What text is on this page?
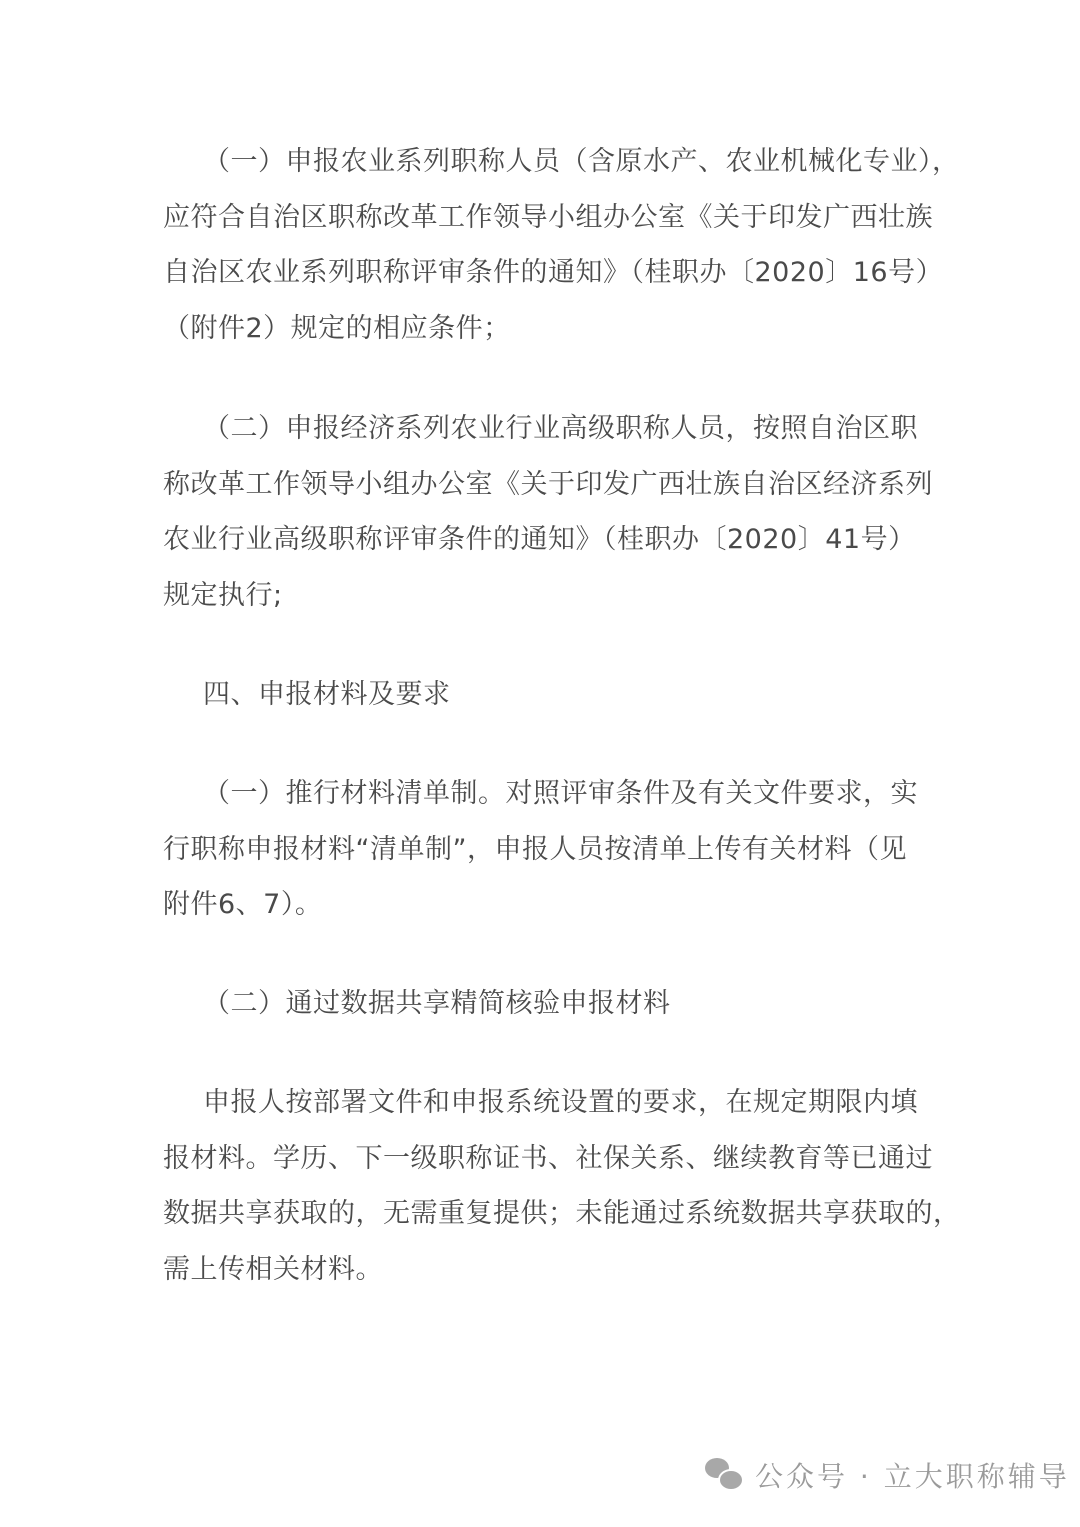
（一）申报农业系列职称人员（含原水产、农业机械化专业），
应符合自治区职称改革工作领导小组办公室《关于印发广西壮族
自治区农业系列职称评审条件的通知》（桂职办〔2020〕16号）
（附件2）规定的相应条件；
（二）申报经济系列农业行业高级职称人员，按照自治区职
称改革工作领导小组办公室《关于印发广西壮族自治区经济系列
农业行业高级职称评审条件的通知》（桂职办〔2020〕41号）
规定执行;
四、申报材料及要求
（一）推行材料清单制。对照评审条件及有关文件要求，实
行职称申报材料“清单制”，申报人员按清单上传有关材料（见
附件6、7）。
（二）通过数据共享精简核验申报材料
申报人按部署文件和申报系统设置的要求，在规定期限内填
报材料。学历、下一级职称证书、社保关系、继续教育等已通过
数据共享获取的，无需重复提供；未能通过系统数据共享获取的，
需上传相关材料。
公众号 · 立大职称辅导
